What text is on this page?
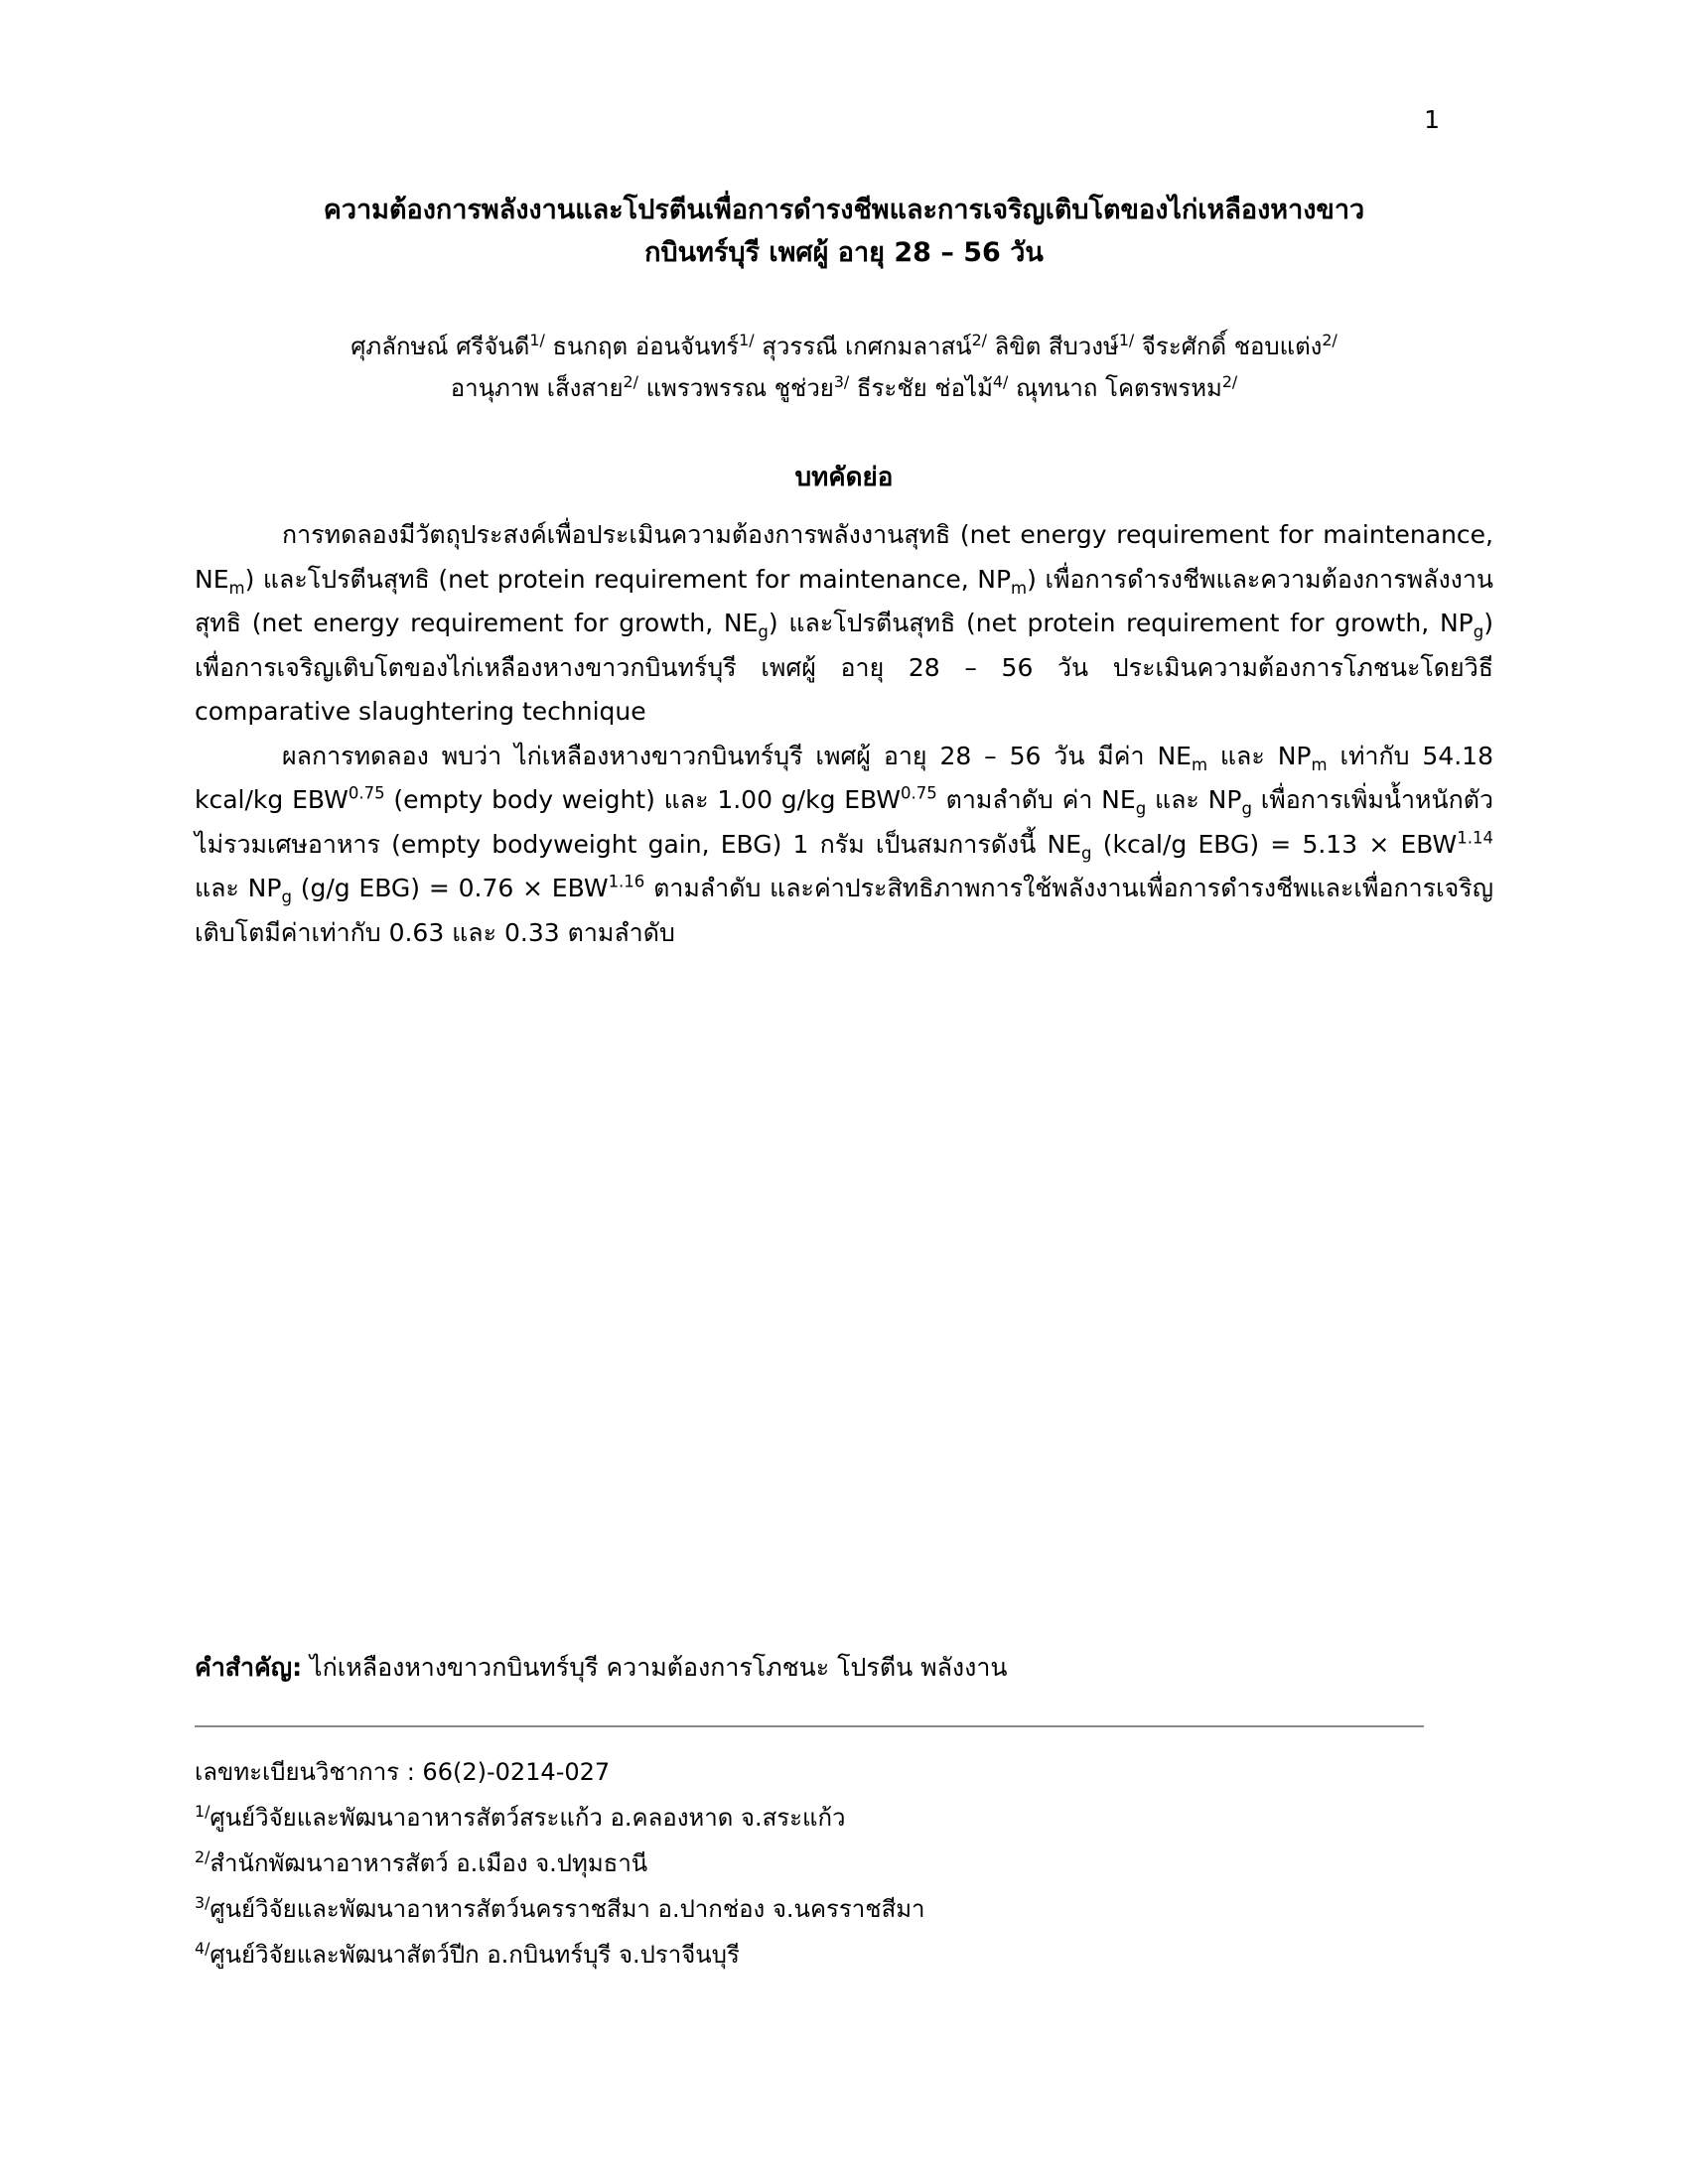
1
ความต้องการพลังงานและโปรตีนเพื่อการดำรงชีพและการเจริญเติบโตของไก่เหลืองหางขาว
กบินทร์บุรี เพศผู้ อายุ 28 – 56 วัน
ศุภลักษณ์ ศรีจันดี$^{1/}$ ธนกฤต อ่อนจันทร์$^{1/}$ สุวรรณี เกศกมลาสน์$^{2/}$ ลิขิต สีบวงษ์$^{1/}$ จีระศักดิ์ ชอบแต่ง$^{2/}$
อานุภาพ เส็งสาย$^{2/}$ แพรวพรรณ ชูช่วย$^{3/}$ ธีระชัย ช่อไม้$^{4/}$ ณุทนาถ โคตรพรหม$^{2/}$
บทคัดย่อ

การทดลองมีวัตถุประสงค์เพื่อประเมินความต้องการพลังงานสุทธิ (net energy requirement for maintenance, $NE_m$) และโปรตีนสุทธิ (net protein requirement for maintenance, $NP_m$) เพื่อการดำรงชีพและความต้องการพลังงานสุทธิ (net energy requirement for growth, $NE_g$) และโปรตีนสุทธิ (net protein requirement for growth, $NP_g$) เพื่อการเจริญเติบโตของไก่เหลืองหางขาวกบินทร์บุรี เพศผู้ อายุ 28 – 56 วัน ประเมินความต้องการโภชนะโดยวิธี comparative slaughtering technique

ผลการทดลอง พบว่า ไก่เหลืองหางขาวกบินทร์บุรี เพศผู้ อายุ 28 – 56 วัน มีค่า $NE_m$ และ $NP_m$ เท่ากับ 54.18 kcal/kg $EBW^{0.75}$ (empty body weight) และ 1.00 g/kg $EBW^{0.75}$ ตามลำดับ ค่า $NE_g$ และ $NP_g$ เพื่อการเพิ่มน้ำหนักตัวไม่รวมเศษอาหาร (empty bodyweight gain, EBG) 1 กรัม เป็นสมการดังนี้ $NE_g$ (kcal/g $EBG) = 5.13 \times EBW^{1.14}$ และ $NP_g$ (g/g $EBG) = 0.76 \times EBW^{1.16}$ ตามลำดับ และค่าประสิทธิภาพการใช้พลังงานเพื่อการดำรงชีพและเพื่อการเจริญเติบโตมีค่าเท่ากับ 0.63 และ 0.33 ตามลำดับ

คำสำคัญ: ไก่เหลืองหางขาวกบินทร์บุรี ความต้องการโภชนะ โปรตีน พลังงาน
เลขทะเบียนวิชาการ : 66(2)-0214-027
$^{1/}$ศูนย์วิจัยและพัฒนาอาหารสัตว์สระแก้ว อ.คลองหาด จ.สระแก้ว
$^{2/}$สำนักพัฒนาอาหารสัตว์ อ.เมือง จ.ปทุมธานี
$^{3/}$ศูนย์วิจัยและพัฒนาอาหารสัตว์นครราชสีมา อ.ปากช่อง จ.นครราชสีมา
$^{4/}$ศูนย์วิจัยและพัฒนาสัตว์ปีก อ.กบินทร์บุรี จ.ปราจีนบุรี
